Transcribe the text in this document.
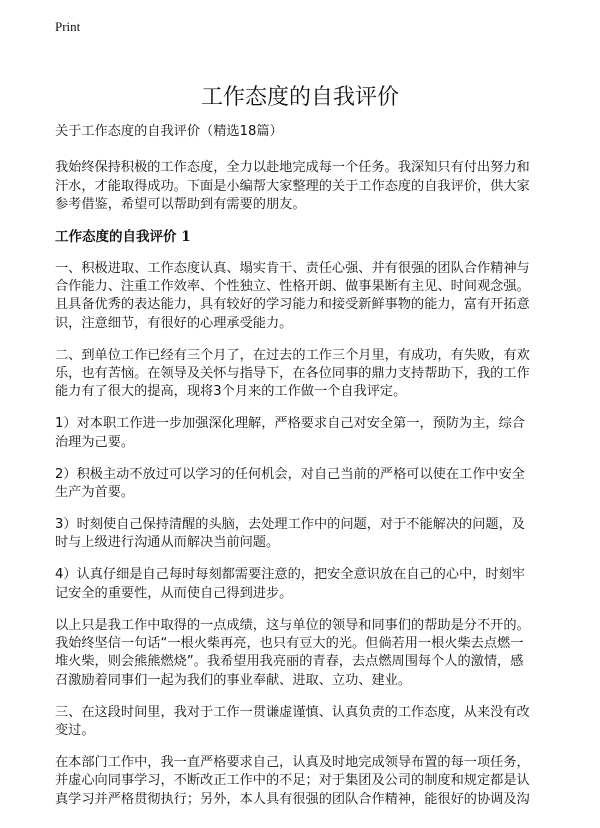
Print
工作态度的自我评价
关于工作态度的自我评价（精选18篇）
我始终保持积极的工作态度，全力以赴地完成每一个任务。我深知只有付出努力和
汗水，才能取得成功。下面是小编帮大家整理的关于工作态度的自我评价，供大家
参考借鉴，希望可以帮助到有需要的朋友。
工作态度的自我评价 1
一、积极进取、工作态度认真、塌实肯干、责任心强、并有很强的团队合作精神与
合作能力、注重工作效率、个性独立、性格开朗、做事果断有主见、时间观念强。
且具备优秀的表达能力，具有较好的学习能力和接受新鲜事物的能力，富有开拓意
识，注意细节，有很好的心理承受能力。
二、到单位工作已经有三个月了，在过去的工作三个月里，有成功，有失败，有欢
乐，也有苦恼。在领导及关怀与指导下，在各位同事的鼎力支持帮助下，我的工作
能力有了很大的提高，现将3个月来的工作做一个自我评定。
1）对本职工作进一步加强深化理解，严格要求自己对安全第一，预防为主，综合
治理为己要。
2）积极主动不放过可以学习的任何机会，对自己当前的严格可以使在工作中安全
生产为首要。
3）时刻使自己保持清醒的头脑，去处理工作中的问题，对于不能解决的问题，及
时与上级进行沟通从而解决当前问题。
4）认真仔细是自己每时每刻都需要注意的，把安全意识放在自己的心中，时刻牢
记安全的重要性，从而使自己得到进步。
以上只是我工作中取得的一点成绩，这与单位的领导和同事们的帮助是分不开的。
我始终坚信一句话“一根火柴再亮，也只有豆大的光。但倘若用一根火柴去点燃一
堆火柴，则会熊熊燃烧”。我希望用我亮丽的青春，去点燃周围每个人的激情，感
召激励着同事们一起为我们的事业奉献、进取、立功、建业。
三、在这段时间里，我对于工作一贯谦虚谨慎、认真负责的工作态度，从来没有改
变过。
在本部门工作中，我一直严格要求自己，认真及时地完成领导布置的每一项任务，
并虚心向同事学习，不断改正工作中的不足；对于集团及公司的制度和规定都是认
真学习并严格贯彻执行；另外，本人具有很强的团队合作精神，能很好的协调及沟
